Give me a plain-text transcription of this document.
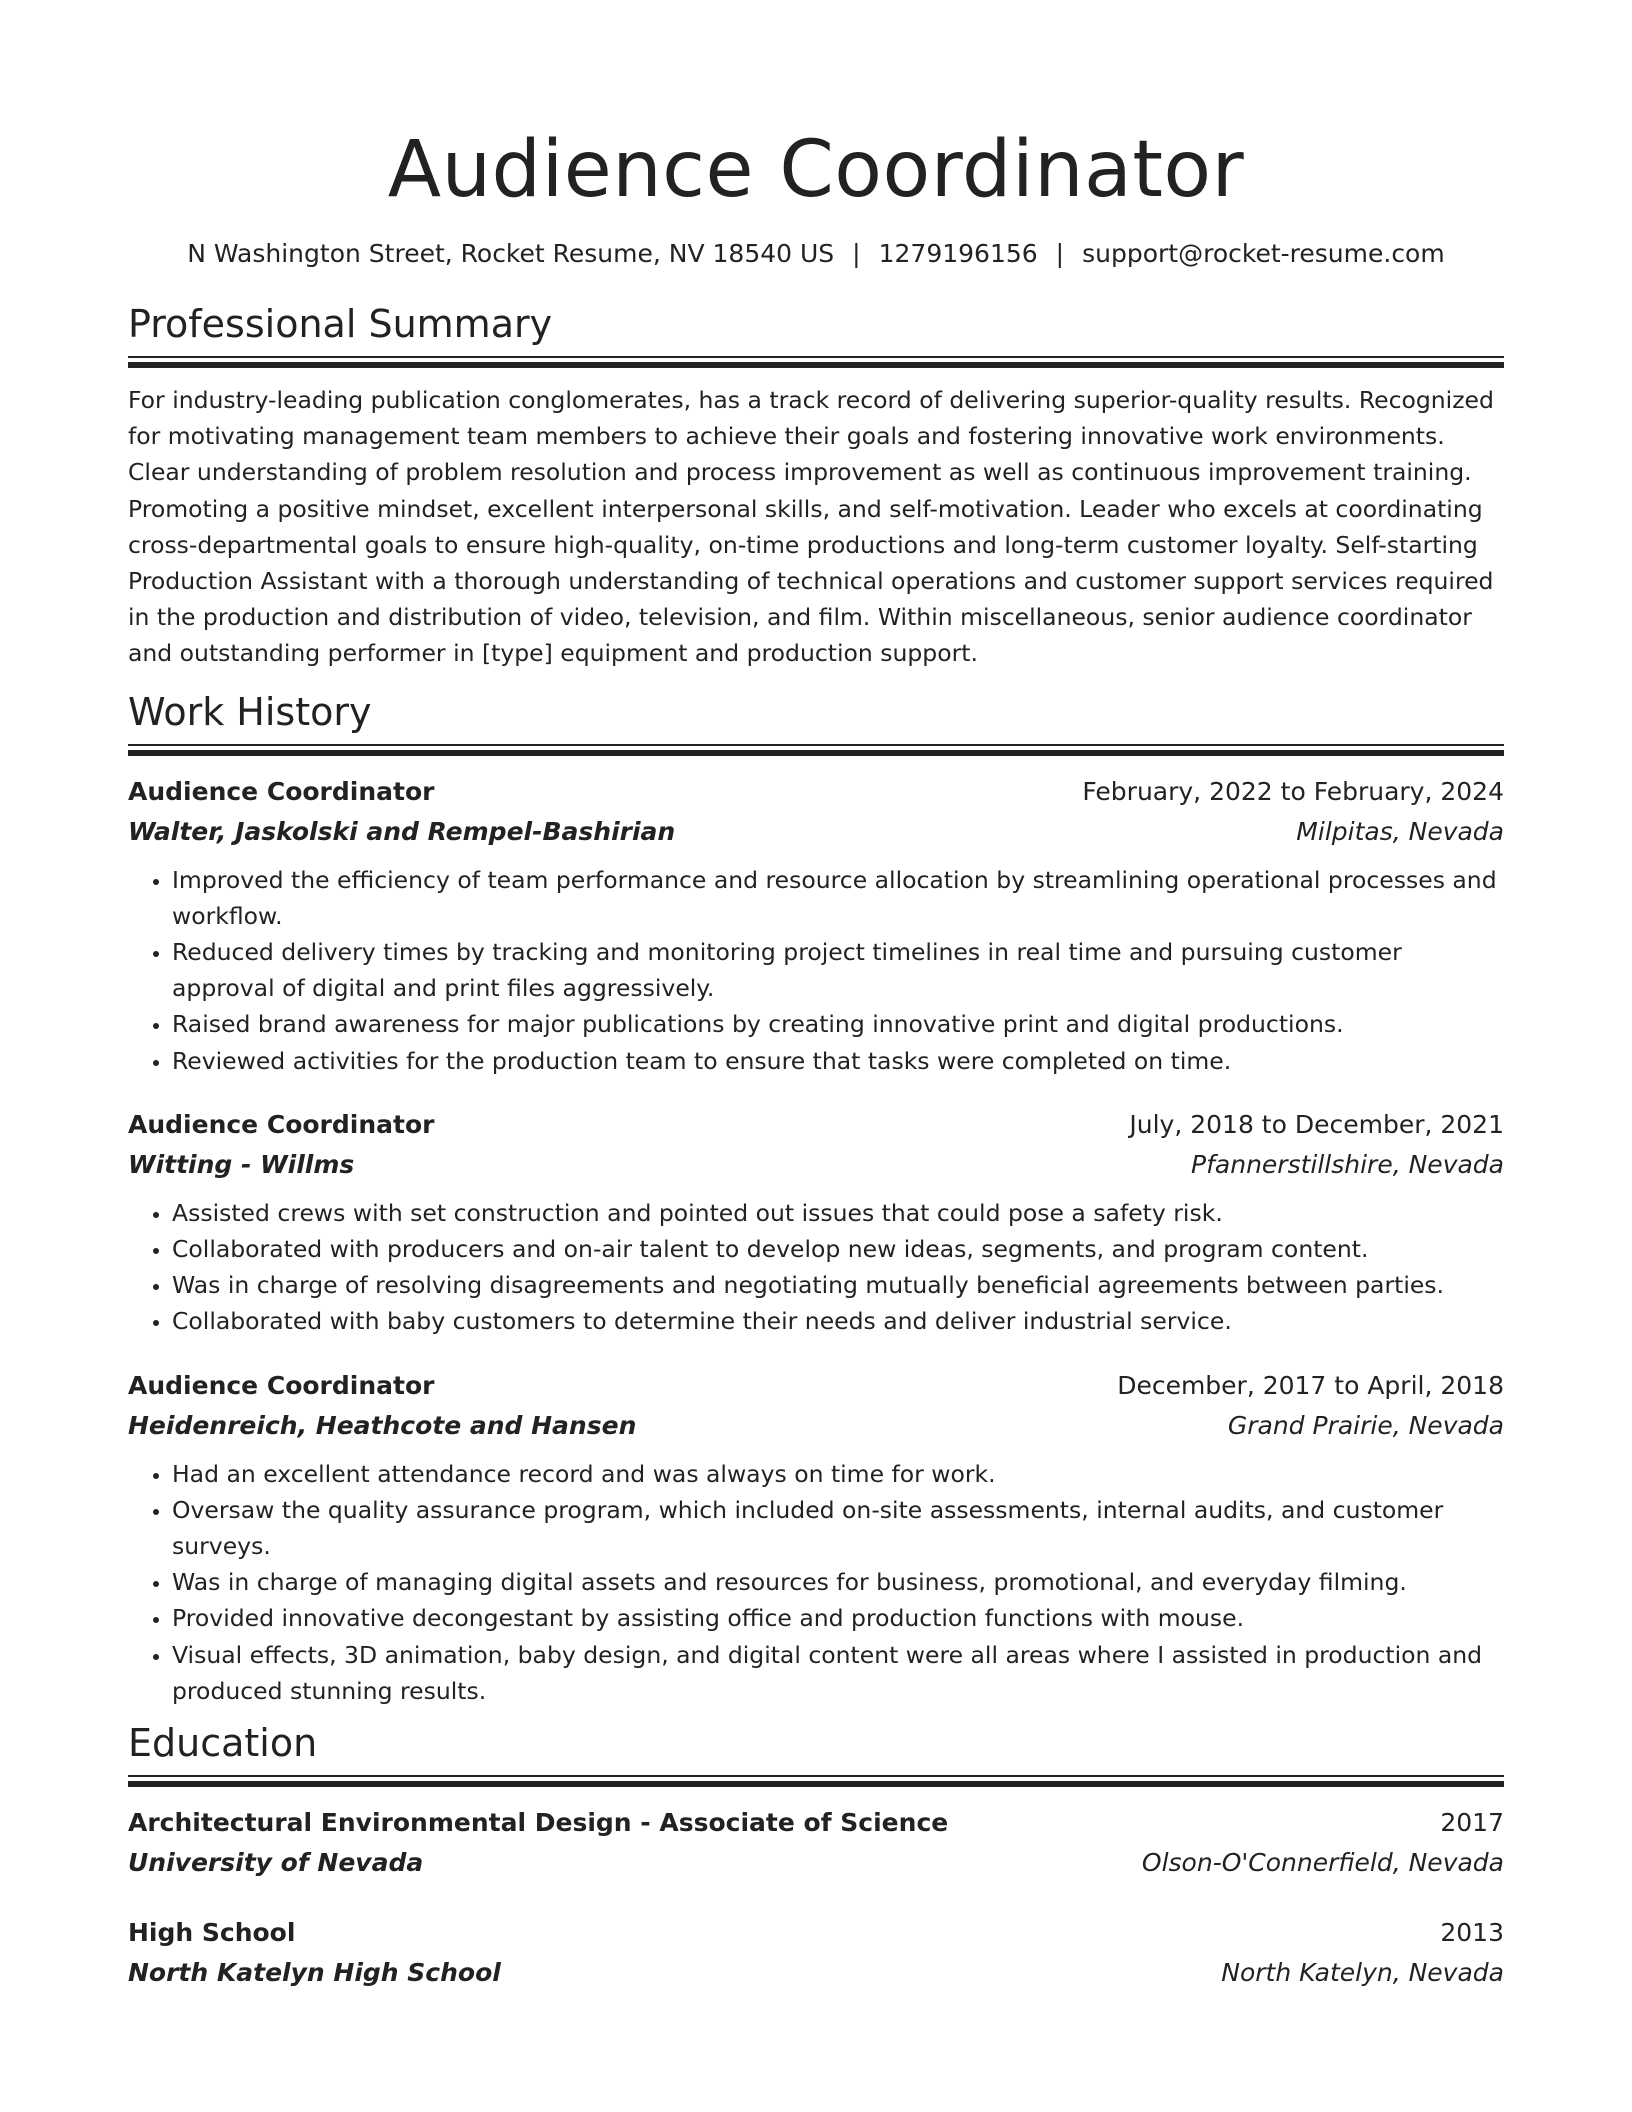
Audience Coordinator
N Washington Street, Rocket Resume, NV 18540 US | 1279196156 | support@rocket-resume.com
Professional Summary
For industry-leading publication conglomerates, has a track record of delivering superior-quality results. Recognized for motivating management team members to achieve their goals and fostering innovative work environments. Clear understanding of problem resolution and process improvement as well as continuous improvement training. Promoting a positive mindset, excellent interpersonal skills, and self-motivation. Leader who excels at coordinating cross-departmental goals to ensure high-quality, on-time productions and long-term customer loyalty. Self-starting Production Assistant with a thorough understanding of technical operations and customer support services required in the production and distribution of video, television, and film. Within miscellaneous, senior audience coordinator and outstanding performer in [type] equipment and production support.
Work History
Audience Coordinator	February, 2022 to February, 2024
Walter, Jaskolski and Rempel-Bashirian	Milpitas, Nevada
• Improved the efficiency of team performance and resource allocation by streamlining operational processes and workflow.
• Reduced delivery times by tracking and monitoring project timelines in real time and pursuing customer approval of digital and print files aggressively.
• Raised brand awareness for major publications by creating innovative print and digital productions.
• Reviewed activities for the production team to ensure that tasks were completed on time.
Audience Coordinator	July, 2018 to December, 2021
Witting - Willms	Pfannerstillshire, Nevada
• Assisted crews with set construction and pointed out issues that could pose a safety risk.
• Collaborated with producers and on-air talent to develop new ideas, segments, and program content.
• Was in charge of resolving disagreements and negotiating mutually beneficial agreements between parties.
• Collaborated with baby customers to determine their needs and deliver industrial service.
Audience Coordinator	December, 2017 to April, 2018
Heidenreich, Heathcote and Hansen	Grand Prairie, Nevada
• Had an excellent attendance record and was always on time for work.
• Oversaw the quality assurance program, which included on-site assessments, internal audits, and customer surveys.
• Was in charge of managing digital assets and resources for business, promotional, and everyday filming.
• Provided innovative decongestant by assisting office and production functions with mouse.
• Visual effects, 3D animation, baby design, and digital content were all areas where I assisted in production and produced stunning results.
Education
Architectural Environmental Design - Associate of Science	2017
University of Nevada	Olson-O'Connerfield, Nevada
High School	2013
North Katelyn High School	North Katelyn, Nevada
